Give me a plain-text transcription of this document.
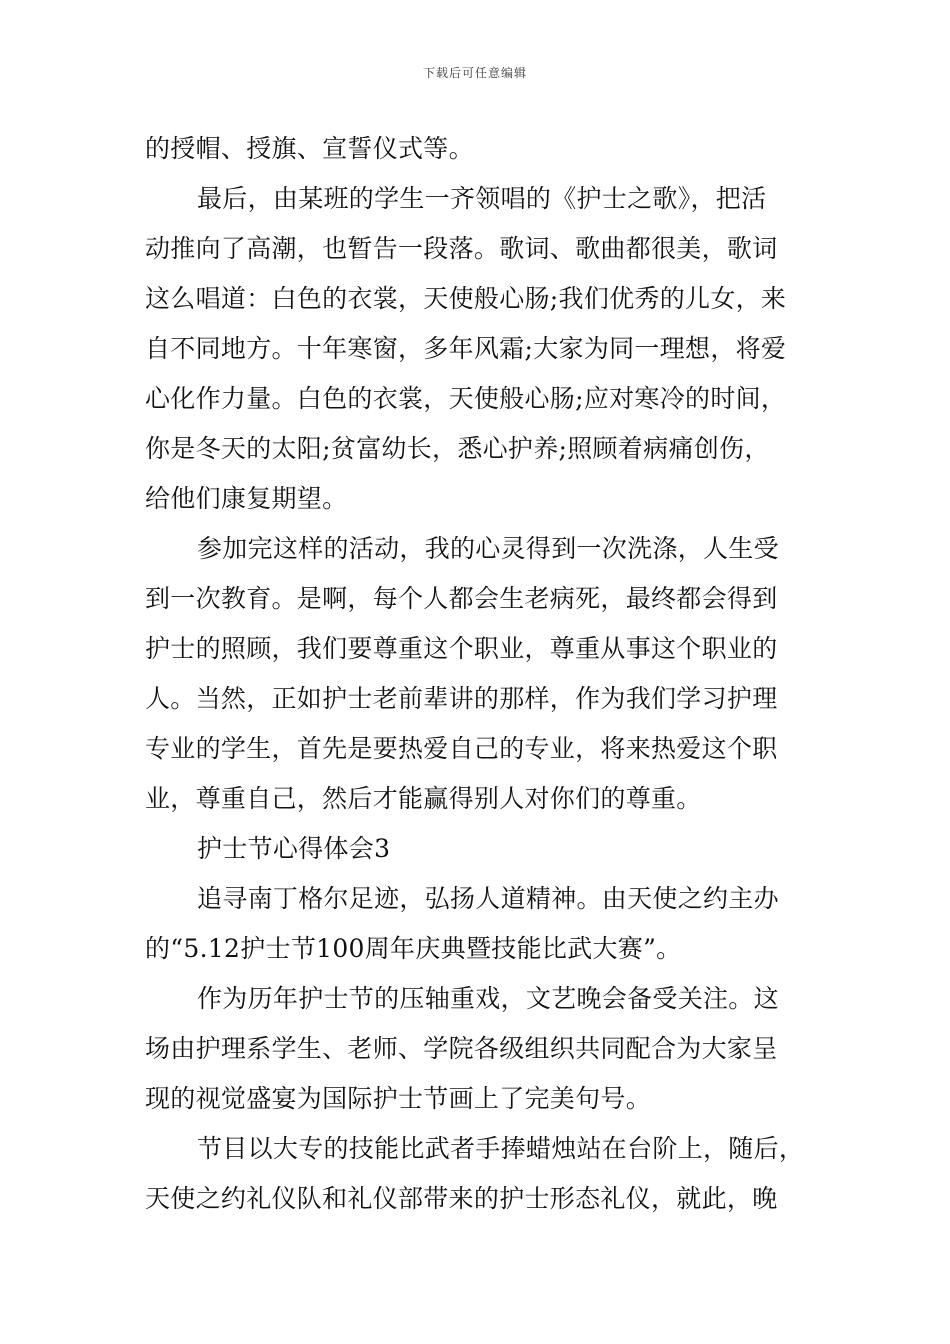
下载后可任意编辑
的授帽、授旗、宣誓仪式等。
最后，由某班的学生一齐领唱的《护士之歌》，把活
动推向了高潮，也暂告一段落。歌词、歌曲都很美，歌词
这么唱道：白色的衣裳，天使般心肠;我们优秀的儿女，来
自不同地方。十年寒窗，多年风霜;大家为同一理想，将爱
心化作力量。白色的衣裳，天使般心肠;应对寒冷的时间，
你是冬天的太阳;贫富幼长，悉心护养;照顾着病痛创伤，
给他们康复期望。
参加完这样的活动，我的心灵得到一次洗涤，人生受
到一次教育。是啊，每个人都会生老病死，最终都会得到
护士的照顾，我们要尊重这个职业，尊重从事这个职业的
人。当然，正如护士老前辈讲的那样，作为我们学习护理
专业的学生，首先是要热爱自己的专业，将来热爱这个职
业，尊重自己，然后才能赢得别人对你们的尊重。
护士节心得体会3
追寻南丁格尔足迹，弘扬人道精神。由天使之约主办
的“5.12护士节100周年庆典暨技能比武大赛”。
作为历年护士节的压轴重戏，文艺晚会备受关注。这
场由护理系学生、老师、学院各级组织共同配合为大家呈
现的视觉盛宴为国际护士节画上了完美句号。
节目以大专的技能比武者手捧蜡烛站在台阶上，随后，
天使之约礼仪队和礼仪部带来的护士形态礼仪，就此，晚
